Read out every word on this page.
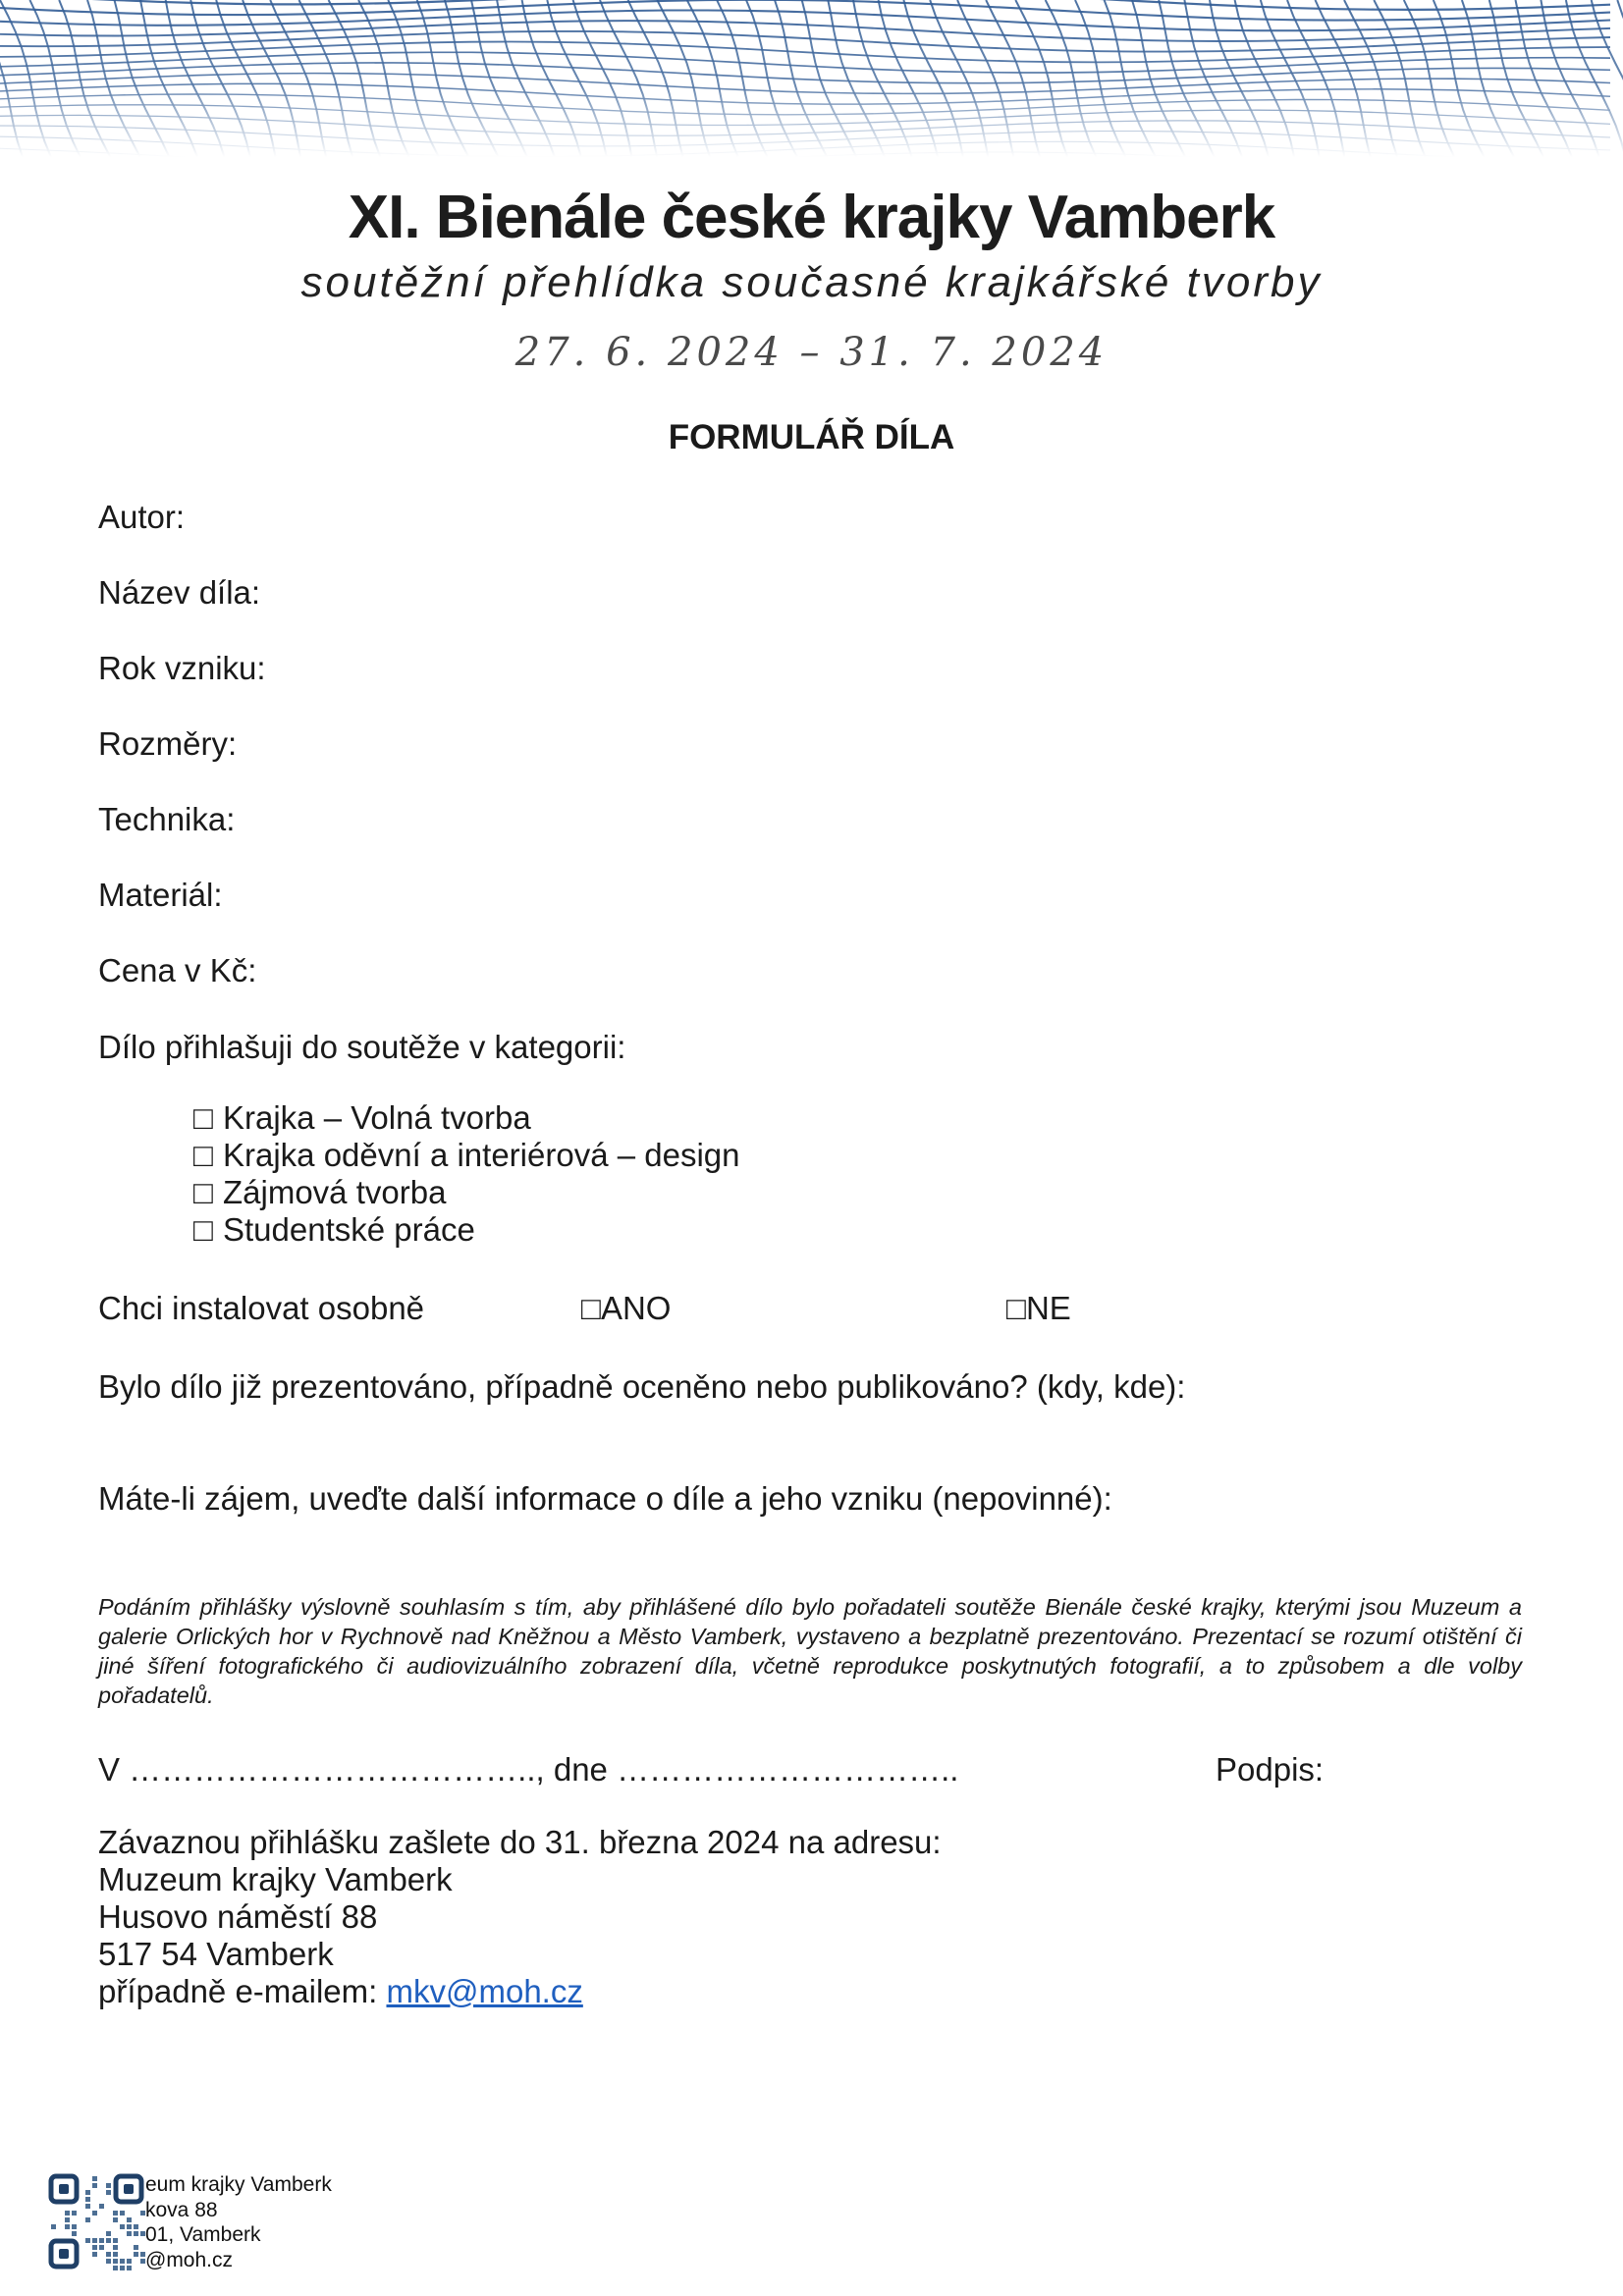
XI. Bienále české krajky Vamberk
soutěžní přehlídka současné krajkářské tvorby
27. 6. 2024 – 31. 7. 2024
FORMULÁŘ DÍLA
Autor:
Název díla:
Rok vzniku:
Rozměry:
Technika:
Materiál:
Cena v Kč:
Dílo přihlašuji do soutěže v kategorii:
□ Krajka – Volná tvorba
□ Krajka oděvní a interiérová – design
□ Zájmová tvorba
□ Studentské práce
Chci instalovat osobně	□ANO	□NE
Bylo dílo již prezentováno, případně oceněno nebo publikováno? (kdy, kde):
Máte-li zájem, uveďte další informace o díle a jeho vzniku (nepovinné):
Podáním přihlášky výslovně souhlasím s tím, aby přihlášené dílo bylo pořadateli soutěže Bienále české krajky, kterými jsou Muzeum a galerie Orlických hor v Rychnově nad Kněžnou a Město Vamberk, vystaveno a bezplatně prezentováno. Prezentací se rozumí otištění či jiné šíření fotografického či audiovizuálního zobrazení díla, včetně reprodukce poskytnutých fotografií, a to způsobem a dle volby pořadatelů.
V ……………………………….., dne …………………………..	Podpis:
Závaznou přihlášku zašlete do 31. března 2024 na adresu:
Muzeum krajky Vamberk
Husovo náměstí 88
517 54 Vamberk
případně e-mailem: mkv@moh.cz
eum krajky Vamberk
kova 88
01, Vamberk
@moh.cz
